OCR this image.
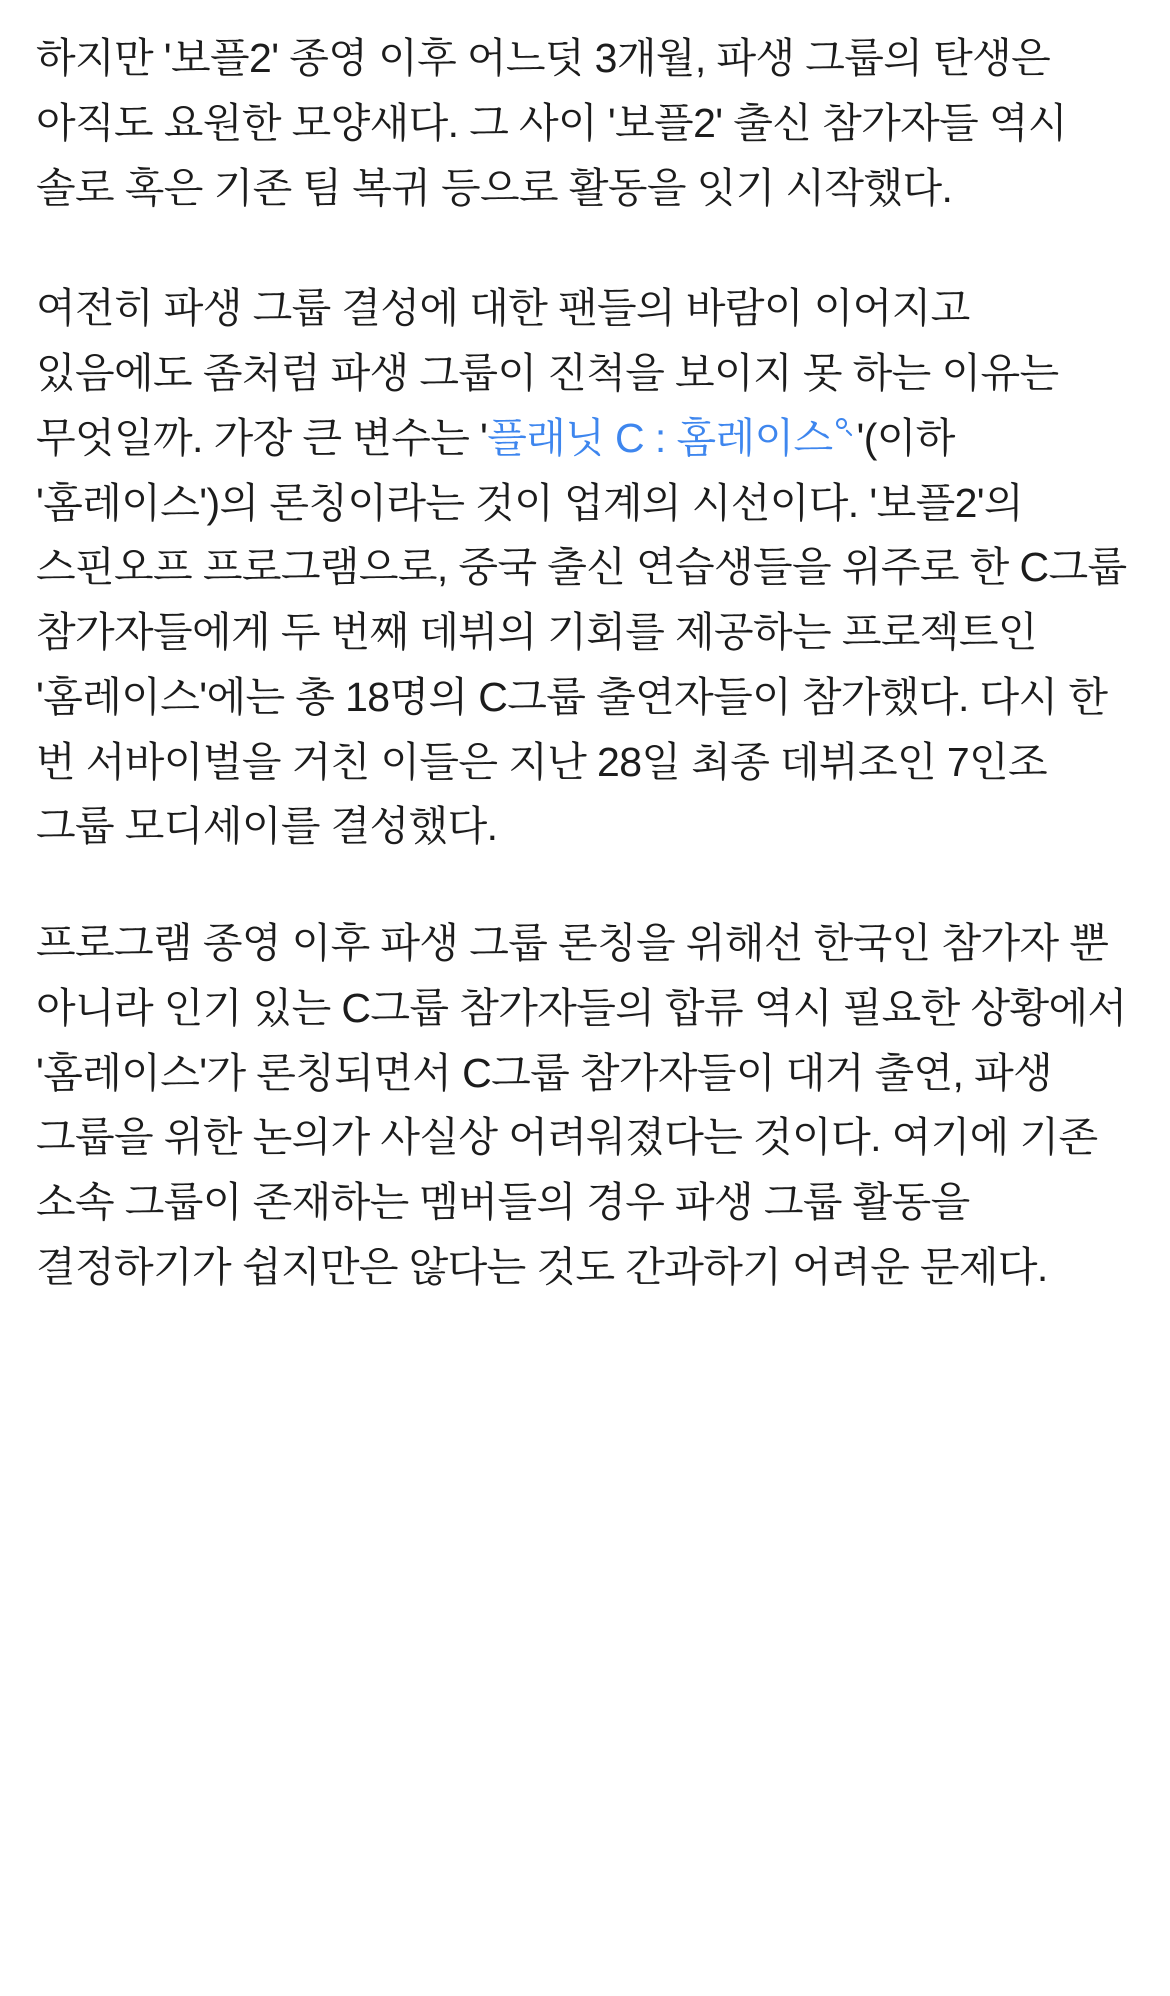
하지만 '보플2' 종영 이후 어느덧 3개월, 파생 그룹의 탄생은 아직도 요원한 모양새다. 그 사이 '보플2' 출신 참가자들 역시 솔로 혹은 기존 팀 복귀 등으로 활동을 잇기 시작했다.

여전히 파생 그룹 결성에 대한 팬들의 바람이 이어지고 있음에도 좀처럼 파생 그룹이 진척을 보이지 못 하는 이유는 무엇일까. 가장 큰 변수는 '플래닛 C : 홈레이스 '(이하 '홈레이스')의 론칭이라는 것이 업계의 시선이다. '보플2'의 스핀오프 프로그램으로, 중국 출신 연습생들을 위주로 한 C그룹 참가자들에게 두 번째 데뷔의 기회를 제공하는 프로젝트인 '홈레이스'에는 총 18명의 C그룹 출연자들이 참가했다. 다시 한 번 서바이벌을 거친 이들은 지난 28일 최종 데뷔조인 7인조 그룹 모디세이를 결성했다.

프로그램 종영 이후 파생 그룹 론칭을 위해선 한국인 참가자 뿐 아니라 인기 있는 C그룹 참가자들의 합류 역시 필요한 상황에서 '홈레이스'가 론칭되면서 C그룹 참가자들이 대거 출연, 파생 그룹을 위한 논의가 사실상 어려워졌다는 것이다. 여기에 기존 소속 그룹이 존재하는 멤버들의 경우 파생 그룹 활동을 결정하기가 쉽지만은 않다는 것도 간과하기 어려운 문제다.
